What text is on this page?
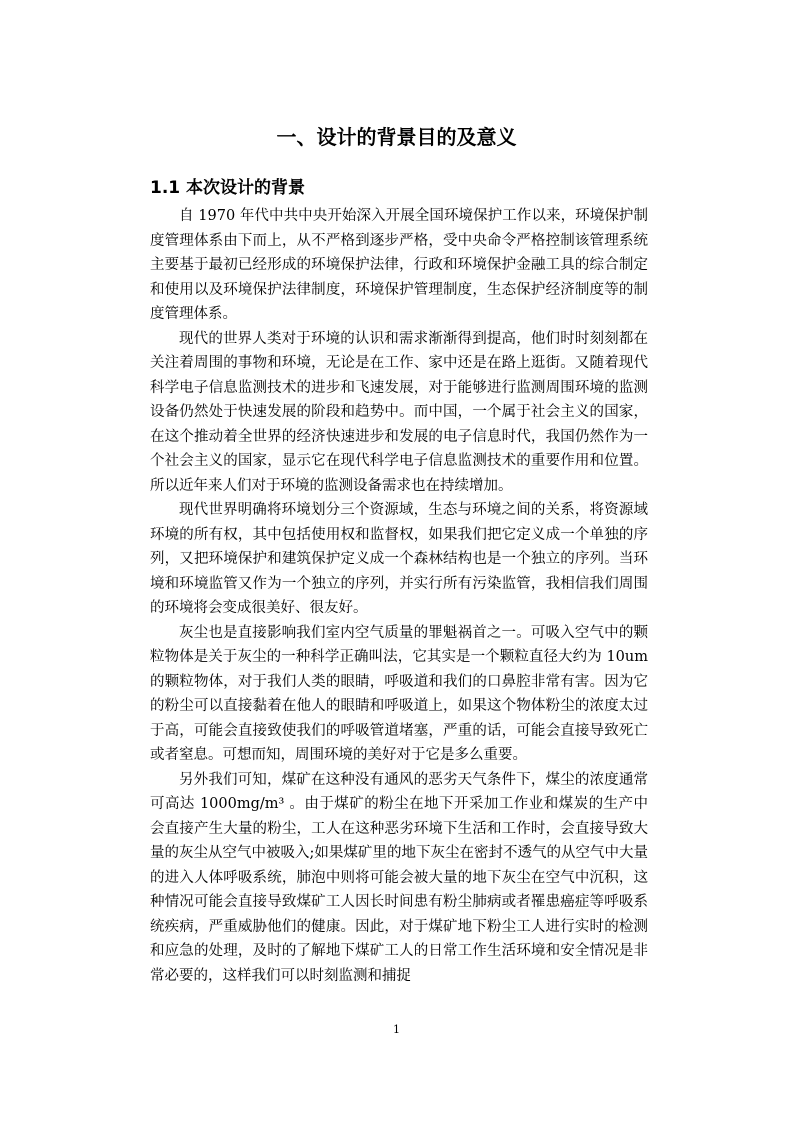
一、设计的背景目的及意义
1.1 本次设计的背景

自 1970 年代中共中央开始深入开展全国环境保护工作以来，环境保护制度管理体系由下而上，从不严格到逐步严格，受中央命令严格控制该管理系统主要基于最初已经形成的环境保护法律，行政和环境保护金融工具的综合制定和使用以及环境保护法律制度，环境保护管理制度，生态保护经济制度等的制度管理体系。

现代的世界人类对于环境的认识和需求渐渐得到提高，他们时时刻刻都在关注着周围的事物和环境，无论是在工作、家中还是在路上逛街。又随着现代科学电子信息监测技术的进步和飞速发展，对于能够进行监测周围环境的监测设备仍然处于快速发展的阶段和趋势中。而中国，一个属于社会主义的国家，在这个推动着全世界的经济快速进步和发展的电子信息时代，我国仍然作为一个社会主义的国家，显示它在现代科学电子信息监测技术的重要作用和位置。所以近年来人们对于环境的监测设备需求也在持续增加。

现代世界明确将环境划分三个资源域，生态与环境之间的关系，将资源域环境的所有权，其中包括使用权和监督权，如果我们把它定义成一个单独的序列，又把环境保护和建筑保护定义成一个森林结构也是一个独立的序列。当环境和环境监管又作为一个独立的序列，并实行所有污染监管，我相信我们周围的环境将会变成很美好、很友好。

灰尘也是直接影响我们室内空气质量的罪魁祸首之一。可吸入空气中的颗粒物体是关于灰尘的一种科学正确叫法，它其实是一个颗粒直径大约为 10um 的颗粒物体，对于我们人类的眼睛，呼吸道和我们的口鼻腔非常有害。因为它的粉尘可以直接黏着在他人的眼睛和呼吸道上，如果这个物体粉尘的浓度太过于高，可能会直接致使我们的呼吸管道堵塞，严重的话，可能会直接导致死亡或者窒息。可想而知，周围环境的美好对于它是多么重要。

另外我们可知，煤矿在这种没有通风的恶劣天气条件下，煤尘的浓度通常可高达 1000mg/m³ 。由于煤矿的粉尘在地下开采加工作业和煤炭的生产中会直接产生大量的粉尘，工人在这种恶劣环境下生活和工作时，会直接导致大量的灰尘从空气中被吸入;如果煤矿里的地下灰尘在密封不透气的从空气中大量的进入人体呼吸系统，肺泡中则将可能会被大量的地下灰尘在空气中沉积，这种情况可能会直接导致煤矿工人因长时间患有粉尘肺病或者罹患癌症等呼吸系统疾病，严重威胁他们的健康。因此，对于煤矿地下粉尘工人进行实时的检测和应急的处理，及时的了解地下煤矿工人的日常工作生活环境和安全情况是非常必要的，这样我们可以时刻监测和捕捉

1
